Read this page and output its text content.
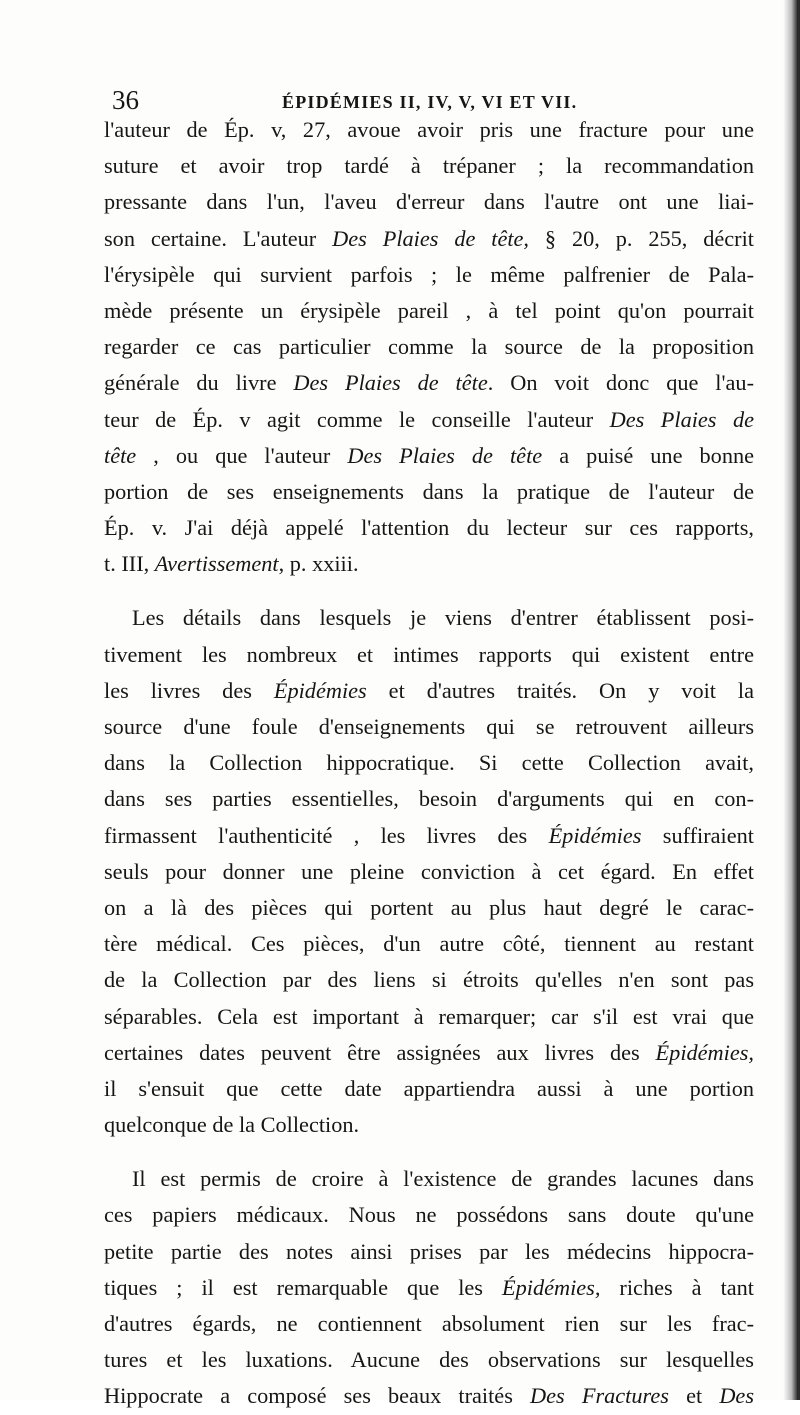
36	ÉPIDÉMIES II, IV, V, VI ET VII.
l'auteur de Ép. v, 27, avoue avoir pris une fracture pour une
suture et avoir trop tardé à trépaner ; la recommandation
pressante dans l'un, l'aveu d'erreur dans l'autre ont une liai-
son certaine. L'auteur Des Plaies de tête, § 20, p. 255, décrit
l'érysipèle qui survient parfois ; le même palfrenier de Pala-
mède présente un érysipèle pareil , à tel point qu'on pourrait
regarder ce cas particulier comme la source de la proposition
générale du livre Des Plaies de tête. On voit donc que l'au-
teur de Ép. v agit comme le conseille l'auteur Des Plaies de
tête , ou que l'auteur Des Plaies de tête a puisé une bonne
portion de ses enseignements dans la pratique de l'auteur de
Ép. v. J'ai déjà appelé l'attention du lecteur sur ces rapports,
t. III, Avertissement, p. xxiii.
Les détails dans lesquels je viens d'entrer établissent posi-
tivement les nombreux et intimes rapports qui existent entre
les livres des Épidémies et d'autres traités. On y voit la
source d'une foule d'enseignements qui se retrouvent ailleurs
dans la Collection hippocratique. Si cette Collection avait,
dans ses parties essentielles, besoin d'arguments qui en con-
firmassent l'authenticité , les livres des Épidémies suffiraient
seuls pour donner une pleine conviction à cet égard. En effet
on a là des pièces qui portent au plus haut degré le carac-
tère médical. Ces pièces, d'un autre côté, tiennent au restant
de la Collection par des liens si étroits qu'elles n'en sont pas
séparables. Cela est important à remarquer; car s'il est vrai que
certaines dates peuvent être assignées aux livres des Épidémies,
il s'ensuit que cette date appartiendra aussi à une portion
quelconque de la Collection.
Il est permis de croire à l'existence de grandes lacunes dans
ces papiers médicaux. Nous ne possédons sans doute qu'une
petite partie des notes ainsi prises par les médecins hippocra-
tiques ; il est remarquable que les Épidémies, riches à tant
d'autres égards, ne contiennent absolument rien sur les frac-
tures et les luxations. Aucune des observations sur lesquelles
Hippocrate a composé ses beaux traités Des Fractures et Des
